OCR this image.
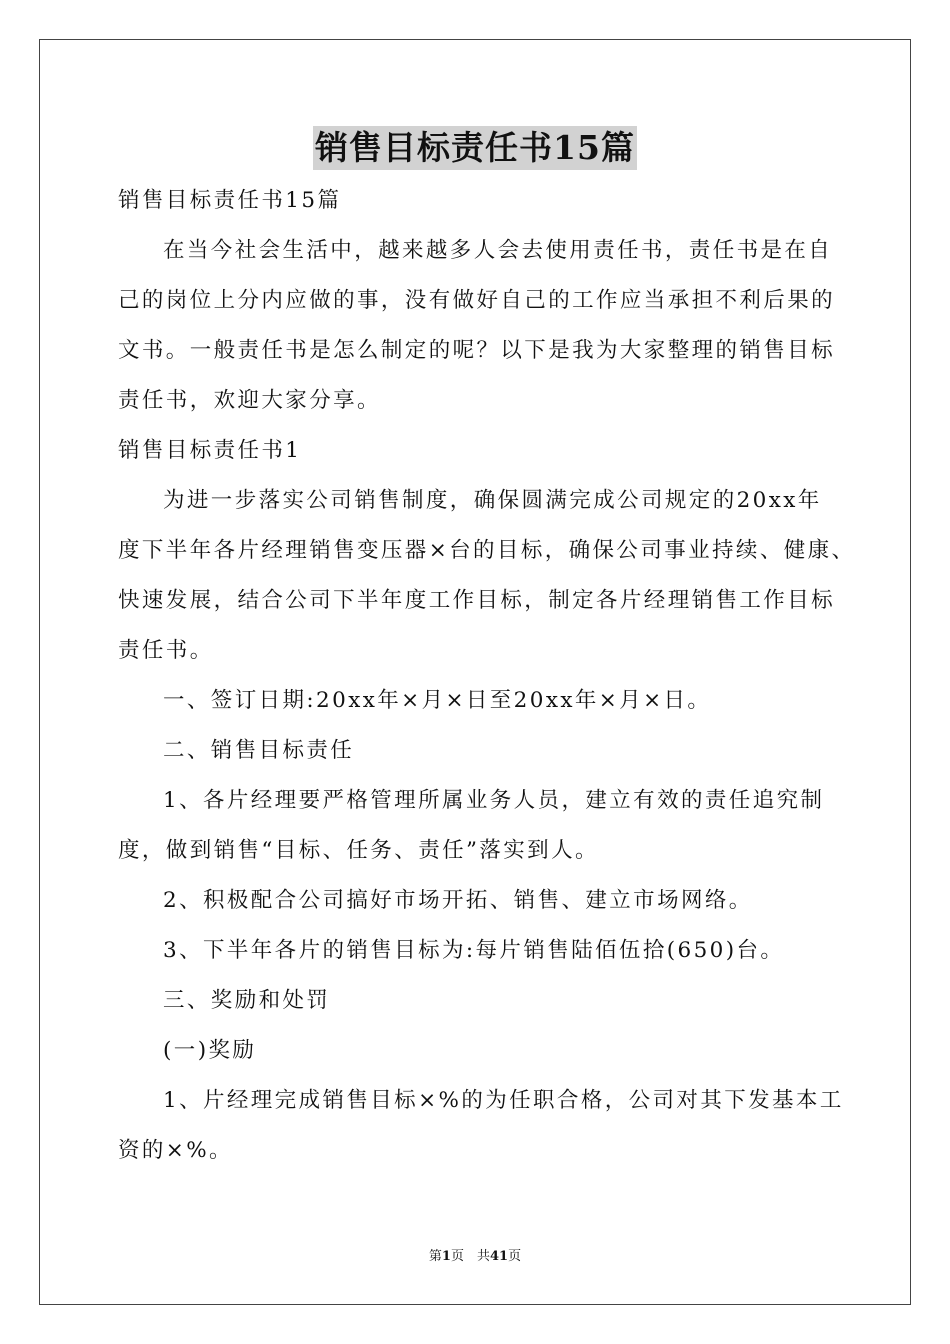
销售目标责任书15篇
销售目标责任书15篇
在当今社会生活中，越来越多人会去使用责任书，责任书是在自
己的岗位上分内应做的事，没有做好自己的工作应当承担不利后果的
文书。一般责任书是怎么制定的呢？以下是我为大家整理的销售目标
责任书，欢迎大家分享。
销售目标责任书1
为进一步落实公司销售制度，确保圆满完成公司规定的20xx年
度下半年各片经理销售变压器×台的目标，确保公司事业持续、健康、
快速发展，结合公司下半年度工作目标，制定各片经理销售工作目标
责任书。
一、签订日期:20xx年×月×日至20xx年×月×日。
二、销售目标责任
1、各片经理要严格管理所属业务人员，建立有效的责任追究制
度，做到销售“目标、任务、责任”落实到人。
2、积极配合公司搞好市场开拓、销售、建立市场网络。
3、下半年各片的销售目标为:每片销售陆佰伍拾(650)台。
三、奖励和处罚
(一)奖励
1、片经理完成销售目标×%的为任职合格，公司对其下发基本工
资的×%。
第1页　共41页
